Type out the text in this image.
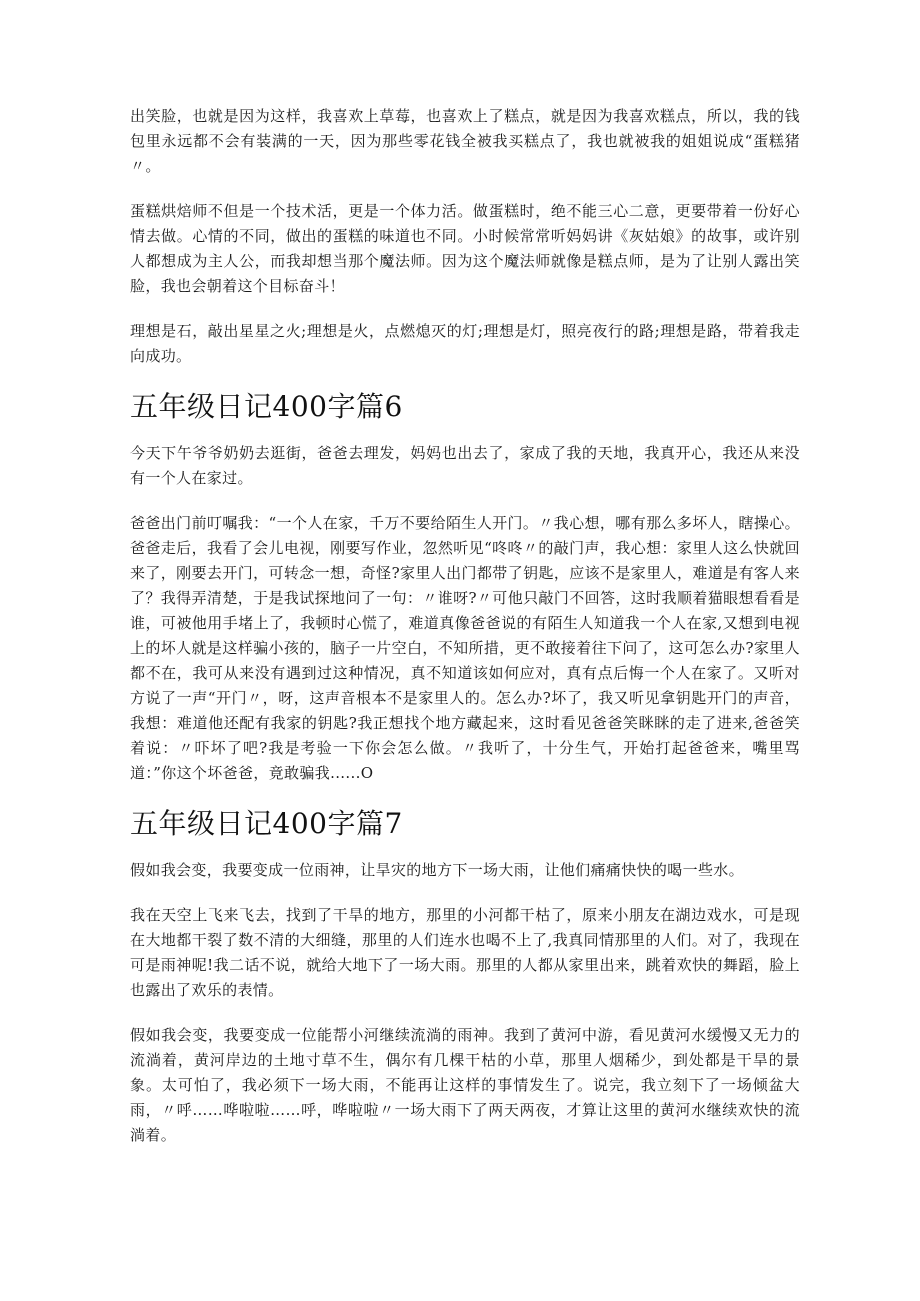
出笑脸，也就是因为这样，我喜欢上草莓，也喜欢上了糕点，就是因为我喜欢糕点，所以，我的钱包里永远都不会有装满的一天，因为那些零花钱全被我买糕点了，我也就被我的姐姐说成“蛋糕猪〃。

蛋糕烘焙师不但是一个技术活，更是一个体力活。做蛋糕时，绝不能三心二意，更要带着一份好心情去做。心情的不同，做出的蛋糕的味道也不同。小时候常常听妈妈讲《灰姑娘》的故事，或许别人都想成为主人公，而我却想当那个魔法师。因为这个魔法师就像是糕点师，是为了让别人露出笑脸，我也会朝着这个目标奋斗！

理想是石，敲出星星之火;理想是火，点燃熄灭的灯;理想是灯，照亮夜行的路;理想是路，带着我走向成功。

五年级日记400字篇6

今天下午爷爷奶奶去逛街，爸爸去理发，妈妈也出去了，家成了我的天地，我真开心，我还从来没有一个人在家过。

爸爸出门前叮嘱我：“一个人在家，千万不要给陌生人开门。〃我心想，哪有那么多坏人，瞎操心。爸爸走后，我看了会儿电视，刚要写作业，忽然听见“咚咚〃的敲门声，我心想：家里人这么快就回来了，刚要去开门，可转念一想，奇怪?家里人出门都带了钥匙，应该不是家里人，难道是有客人来了？我得弄清楚，于是我试探地问了一句：〃谁呀?〃可他只敲门不回答，这时我顺着猫眼想看看是谁，可被他用手堵上了，我顿时心慌了，难道真像爸爸说的有陌生人知道我一个人在家,又想到电视上的坏人就是这样骗小孩的，脑子一片空白，不知所措，更不敢接着往下问了，这可怎么办?家里人都不在，我可从来没有遇到过这种情况，真不知道该如何应对，真有点后悔一个人在家了。又听对方说了一声“开门〃，呀，这声音根本不是家里人的。怎么办?坏了，我又听见拿钥匙开门的声音，我想：难道他还配有我家的钥匙?我正想找个地方藏起来，这时看见爸爸笑眯眯的走了进来,爸爸笑着说：〃吓坏了吧?我是考验一下你会怎么做。〃我听了，十分生气，开始打起爸爸来，嘴里骂道：”你这个坏爸爸，竟敢骗我......O

五年级日记400字篇7

假如我会变，我要变成一位雨神，让旱灾的地方下一场大雨，让他们痛痛快快的喝一些水。

我在天空上飞来飞去，找到了干旱的地方，那里的小河都干枯了，原来小朋友在湖边戏水，可是现在大地都干裂了数不清的大细缝，那里的人们连水也喝不上了,我真同情那里的人们。对了，我现在可是雨神呢!我二话不说，就给大地下了一场大雨。那里的人都从家里出来，跳着欢快的舞蹈，脸上也露出了欢乐的表情。

假如我会变，我要变成一位能帮小河继续流淌的雨神。我到了黄河中游，看见黄河水缓慢又无力的流淌着，黄河岸边的土地寸草不生，偶尔有几棵干枯的小草，那里人烟稀少，到处都是干旱的景象。太可怕了，我必须下一场大雨，不能再让这样的事情发生了。说完，我立刻下了一场倾盆大雨，〃呼……哗啦啦……呼，哗啦啦〃一场大雨下了两天两夜，才算让这里的黄河水继续欢快的流淌着。
